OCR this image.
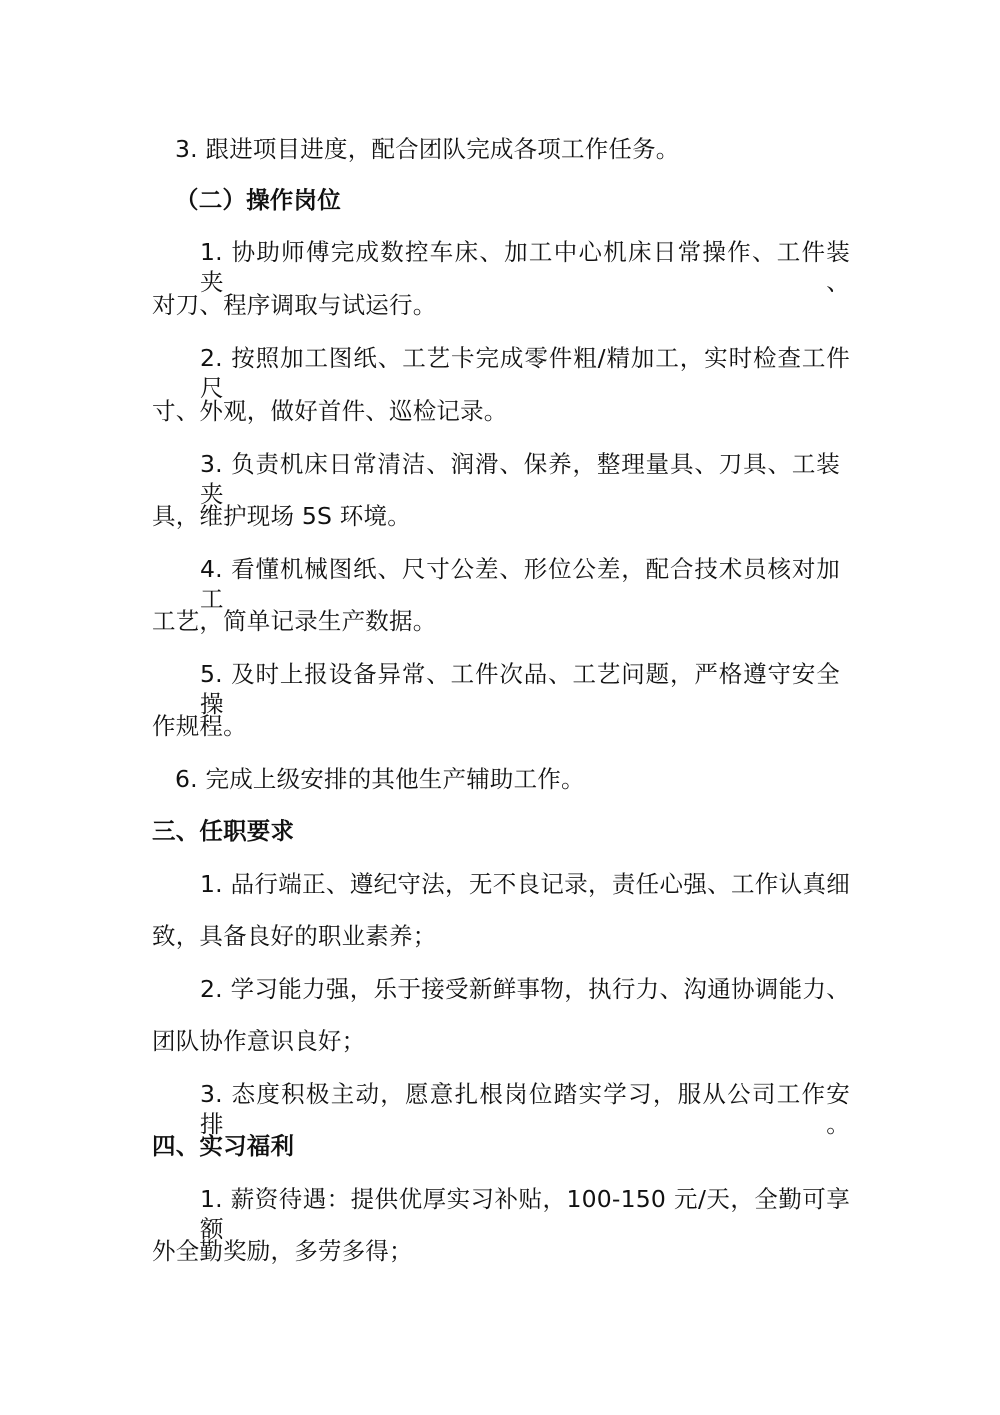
3. 跟进项目进度，配合团队完成各项工作任务。
（二）操作岗位
1. 协助师傅完成数控车床、加工中心机床日常操作、工件装夹、
对刀、程序调取与试运行。
2. 按照加工图纸、工艺卡完成零件粗/精加工，实时检查工件尺
寸、外观，做好首件、巡检记录。
3. 负责机床日常清洁、润滑、保养，整理量具、刀具、工装夹
具，维护现场 5S 环境。
4. 看懂机械图纸、尺寸公差、形位公差，配合技术员核对加工
工艺，简单记录生产数据。
5. 及时上报设备异常、工件次品、工艺问题，严格遵守安全操
作规程。
6. 完成上级安排的其他生产辅助工作。
三、任职要求
1. 品行端正、遵纪守法，无不良记录，责任心强、工作认真细
致，具备良好的职业素养；
2. 学习能力强，乐于接受新鲜事物，执行力、沟通协调能力、
团队协作意识良好；
3. 态度积极主动，愿意扎根岗位踏实学习，服从公司工作安排。
四、实习福利
1. 薪资待遇：提供优厚实习补贴，100-150 元/天，全勤可享额
外全勤奖励，多劳多得；
